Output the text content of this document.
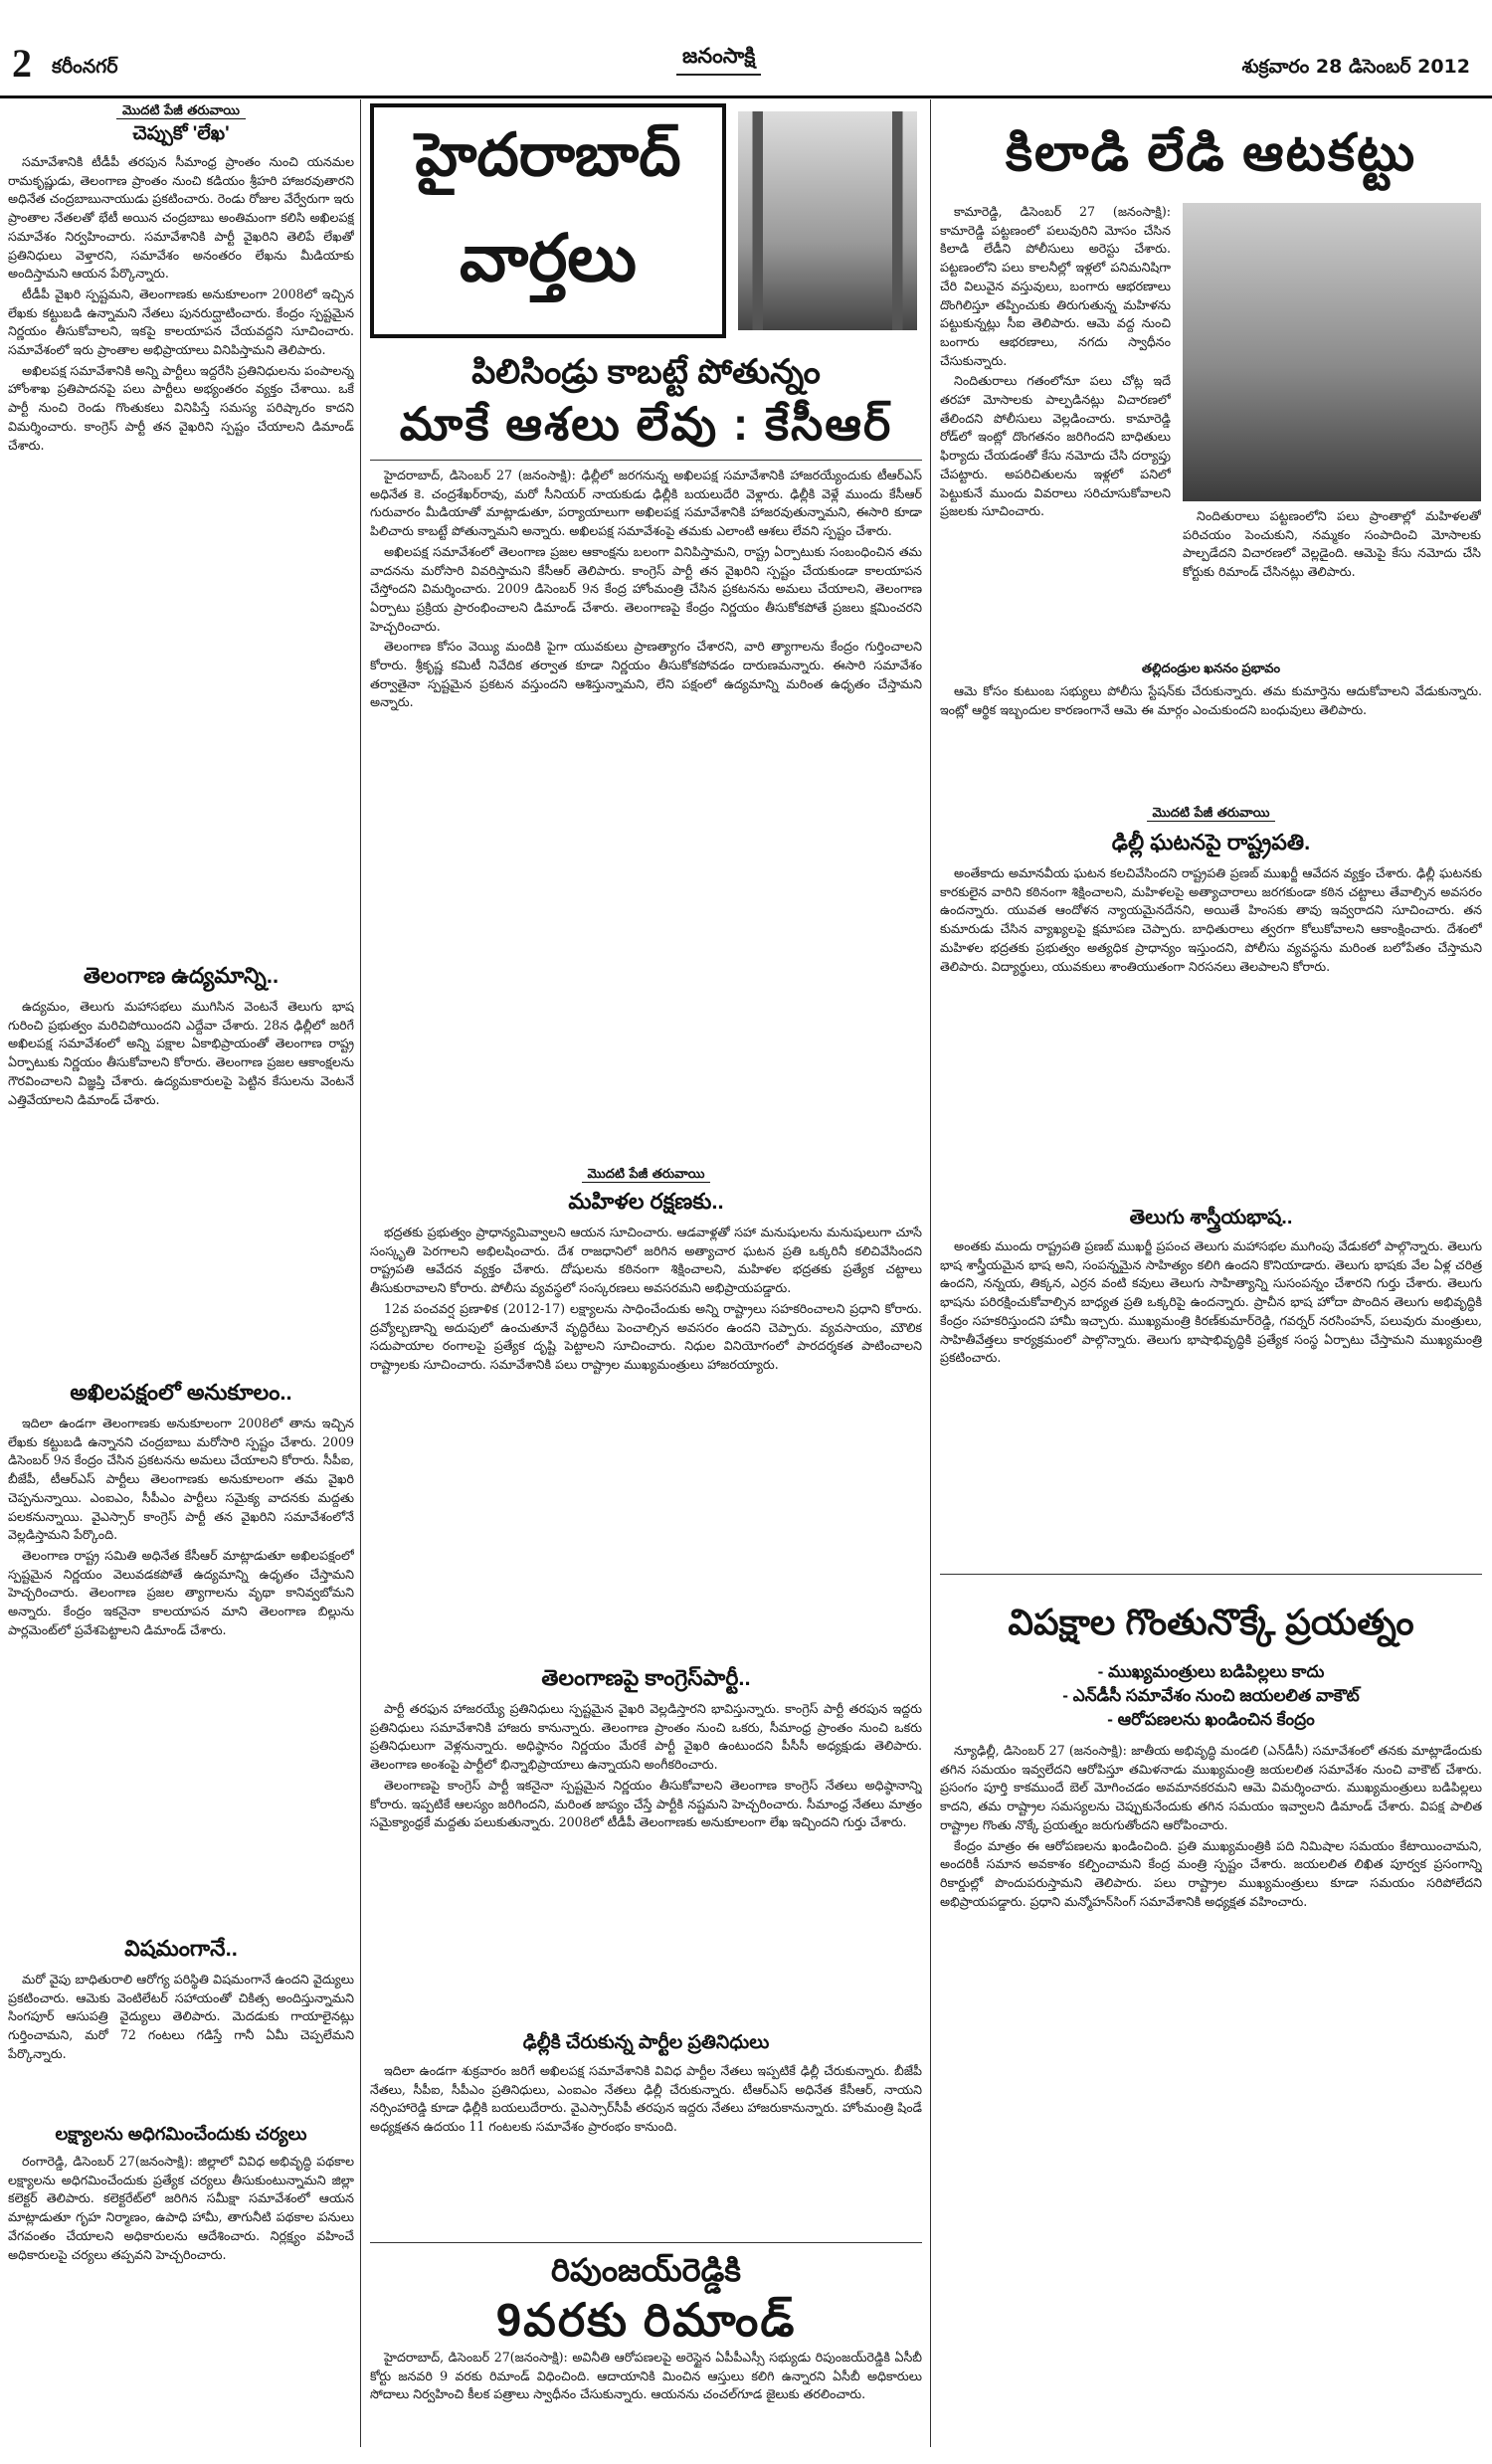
2 కరీంనగర్	జనంసాక్షి	శుక్రవారం 28 డిసెంబర్ 2012
మొదటి పేజీ తరువాయి
చెప్పుకో 'లేఖ'

సమావేశానికి టీడీపీ తరపున సీమాంధ్ర ప్రాంతం నుంచి యనమల రామకృష్ణుడు, తెలంగాణ ప్రాంతం నుంచి కడియం శ్రీహరి హాజరవుతారని అధినేత చంద్రబాబునాయుడు ప్రకటించారు. రెండు రోజుల వేర్వేరుగా ఇరు ప్రాంతాల నేతలతో భేటీ అయిన చంద్రబాబు అంతిమంగా కలిసి అఖిలపక్ష సమావేశం నిర్వహించారు. సమావేశానికి పార్టీ వైఖరిని తెలిపే లేఖతో ప్రతినిధులు వెళ్తారని, సమావేశం అనంతరం లేఖను మీడియాకు అందిస్తామని ఆయన పేర్కొన్నారు.

టీడీపీ వైఖరి స్పష్టమని, తెలంగాణకు అనుకూలంగా 2008లో ఇచ్చిన లేఖకు కట్టుబడి ఉన్నామని నేతలు పునరుద్ఘాటించారు. కేంద్రం స్పష్టమైన నిర్ణయం తీసుకోవాలని, ఇకపై కాలయాపన చేయవద్దని సూచించారు. సమావేశంలో ఇరు ప్రాంతాల అభిప్రాయాలు వినిపిస్తామని తెలిపారు.

అఖిలపక్ష సమావేశానికి అన్ని పార్టీలు ఇద్దరేసి ప్రతినిధులను పంపాలన్న హోంశాఖ ప్రతిపాదనపై పలు పార్టీలు అభ్యంతరం వ్యక్తం చేశాయి. ఒకే పార్టీ నుంచి రెండు గొంతుకలు వినిపిస్తే సమస్య పరిష్కారం కాదని విమర్శించారు. కాంగ్రెస్ పార్టీ తన వైఖరిని స్పష్టం చేయాలని డిమాండ్ చేశారు.

తెలంగాణ ఉద్యమాన్ని..

ఉద్యమం, తెలుగు మహాసభలు ముగిసిన వెంటనే తెలుగు భాష గురించి ప్రభుత్వం మరిచిపోయిందని ఎద్దేవా చేశారు. 28న ఢిల్లీలో జరిగే అఖిలపక్ష సమావేశంలో అన్ని పక్షాల ఏకాభిప్రాయంతో తెలంగాణ రాష్ట్ర ఏర్పాటుకు నిర్ణయం తీసుకోవాలని కోరారు. తెలంగాణ ప్రజల ఆకాంక్షలను గౌరవించాలని విజ్ఞప్తి చేశారు. ఉద్యమకారులపై పెట్టిన కేసులను వెంటనే ఎత్తివేయాలని డిమాండ్ చేశారు.

అఖిలపక్షంలో అనుకూలం..

ఇదిలా ఉండగా తెలంగాణకు అనుకూలంగా 2008లో తాను ఇచ్చిన లేఖకు కట్టుబడి ఉన్నానని చంద్రబాబు మరోసారి స్పష్టం చేశారు. 2009 డిసెంబర్ 9న కేంద్రం చేసిన ప్రకటనను అమలు చేయాలని కోరారు. సీపీఐ, బీజేపీ, టీఆర్ఎస్ పార్టీలు తెలంగాణకు అనుకూలంగా తమ వైఖరి చెప్పనున్నాయి. ఎంఐఎం, సీపీఎం పార్టీలు సమైక్య వాదనకు మద్దతు పలకనున్నాయి. వైఎస్సార్ కాంగ్రెస్ పార్టీ తన వైఖరిని సమావేశంలోనే వెల్లడిస్తామని పేర్కొంది.

తెలంగాణ రాష్ట్ర సమితి అధినేత కేసీఆర్ మాట్లాడుతూ అఖిలపక్షంలో స్పష్టమైన నిర్ణయం వెలువడకపోతే ఉద్యమాన్ని ఉధృతం చేస్తామని హెచ్చరించారు. తెలంగాణ ప్రజల త్యాగాలను వృథా కానివ్వబోమని అన్నారు. కేంద్రం ఇకనైనా కాలయాపన మాని తెలంగాణ బిల్లును పార్లమెంట్‌లో ప్రవేశపెట్టాలని డిమాండ్ చేశారు.

విషమంగానే..

మరో వైపు బాధితురాలి ఆరోగ్య పరిస్థితి విషమంగానే ఉందని వైద్యులు ప్రకటించారు. ఆమెకు వెంటిలేటర్ సహాయంతో చికిత్స అందిస్తున్నామని సింగపూర్ ఆసుపత్రి వైద్యులు తెలిపారు. మెదడుకు గాయాలైనట్లు గుర్తించామని, మరో 72 గంటలు గడిస్తే గానీ ఏమీ చెప్పలేమని పేర్కొన్నారు.

లక్ష్యాలను అధిగమించేందుకు చర్యలు

రంగారెడ్డి, డిసెంబర్ 27(జనంసాక్షి): జిల్లాలో వివిధ అభివృద్ధి పథకాల లక్ష్యాలను అధిగమించేందుకు ప్రత్యేక చర్యలు తీసుకుంటున్నామని జిల్లా కలెక్టర్ తెలిపారు. కలెక్టరేట్‌లో జరిగిన సమీక్షా సమావేశంలో ఆయన మాట్లాడుతూ గృహ నిర్మాణం, ఉపాధి హామీ, తాగునీటి పథకాల పనులు వేగవంతం చేయాలని అధికారులను ఆదేశించారు. నిర్లక్ష్యం వహించే అధికారులపై చర్యలు తప్పవని హెచ్చరించారు.

హైదరాబాద్
వార్తలు
పిలిసిండ్రు కాబట్టే పోతున్నం
మాకే ఆశలు లేవు : కేసీఆర్

హైదరాబాద్, డిసెంబర్ 27 (జనంసాక్షి): ఢిల్లీలో జరగనున్న అఖిలపక్ష సమావేశానికి హాజరయ్యేందుకు టీఆర్ఎస్ అధినేత కె. చంద్రశేఖర్‌రావు, మరో సీనియర్ నాయకుడు ఢిల్లీకి బయలుదేరి వెళ్లారు. ఢిల్లీకి వెళ్లే ముందు కేసీఆర్ గురువారం మీడియాతో మాట్లాడుతూ, పర్యాయాలుగా అఖిలపక్ష సమావేశానికి హాజరవుతున్నామని, ఈసారి కూడా పిలిచారు కాబట్టే పోతున్నామని అన్నారు. అఖిలపక్ష సమావేశంపై తమకు ఎలాంటి ఆశలు లేవని స్పష్టం చేశారు.

అఖిలపక్ష సమావేశంలో తెలంగాణ ప్రజల ఆకాంక్షను బలంగా వినిపిస్తామని, రాష్ట్ర ఏర్పాటుకు సంబంధించిన తమ వాదనను మరోసారి వివరిస్తామని కేసీఆర్ తెలిపారు. కాంగ్రెస్ పార్టీ తన వైఖరిని స్పష్టం చేయకుండా కాలయాపన చేస్తోందని విమర్శించారు. 2009 డిసెంబర్ 9న కేంద్ర హోంమంత్రి చేసిన ప్రకటనను అమలు చేయాలని, తెలంగాణ ఏర్పాటు ప్రక్రియ ప్రారంభించాలని డిమాండ్ చేశారు. తెలంగాణపై కేంద్రం నిర్ణయం తీసుకోకపోతే ప్రజలు క్షమించరని హెచ్చరించారు.

తెలంగాణ కోసం వెయ్యి మందికి పైగా యువకులు ప్రాణత్యాగం చేశారని, వారి త్యాగాలను కేంద్రం గుర్తించాలని కోరారు. శ్రీకృష్ణ కమిటీ నివేదిక తర్వాత కూడా నిర్ణయం తీసుకోకపోవడం దారుణమన్నారు. ఈసారి సమావేశం తర్వాతైనా స్పష్టమైన ప్రకటన వస్తుందని ఆశిస్తున్నామని, లేని పక్షంలో ఉద్యమాన్ని మరింత ఉధృతం చేస్తామని అన్నారు.

మొదటి పేజీ తరువాయి
మహిళల రక్షణకు..

భద్రతకు ప్రభుత్వం ప్రాధాన్యమివ్వాలని ఆయన సూచించారు. ఆడవాళ్లతో సహా మనుషులను మనుషులుగా చూసే సంస్కృతి పెరగాలని అభిలషించారు. దేశ రాజధానిలో జరిగిన అత్యాచార ఘటన ప్రతి ఒక్కరినీ కలిచివేసిందని రాష్ట్రపతి ఆవేదన వ్యక్తం చేశారు. దోషులను కఠినంగా శిక్షించాలని, మహిళల భద్రతకు ప్రత్యేక చట్టాలు తీసుకురావాలని కోరారు. పోలీసు వ్యవస్థలో సంస్కరణలు అవసరమని అభిప్రాయపడ్డారు.

12వ పంచవర్ష ప్రణాళిక (2012-17) లక్ష్యాలను సాధించేందుకు అన్ని రాష్ట్రాలు సహకరించాలని ప్రధాని కోరారు. ద్రవ్యోల్బణాన్ని అదుపులో ఉంచుతూనే వృద్ధిరేటు పెంచాల్సిన అవసరం ఉందని చెప్పారు. వ్యవసాయం, మౌలిక సదుపాయాల రంగాలపై ప్రత్యేక దృష్టి పెట్టాలని సూచించారు. నిధుల వినియోగంలో పారదర్శకత పాటించాలని రాష్ట్రాలకు సూచించారు. సమావేశానికి పలు రాష్ట్రాల ముఖ్యమంత్రులు హాజరయ్యారు.

తెలంగాణపై కాంగ్రెస్‌పార్టీ..

పార్టీ తరఫున హాజరయ్యే ప్రతినిధులు స్పష్టమైన వైఖరి వెల్లడిస్తారని భావిస్తున్నారు. కాంగ్రెస్ పార్టీ తరపున ఇద్దరు ప్రతినిధులు సమావేశానికి హాజరు కానున్నారు. తెలంగాణ ప్రాంతం నుంచి ఒకరు, సీమాంధ్ర ప్రాంతం నుంచి ఒకరు ప్రతినిధులుగా వెళ్లనున్నారు. అధిష్ఠానం నిర్ణయం మేరకే పార్టీ వైఖరి ఉంటుందని పీసీసీ అధ్యక్షుడు తెలిపారు. తెలంగాణ అంశంపై పార్టీలో భిన్నాభిప్రాయాలు ఉన్నాయని అంగీకరించారు.

తెలంగాణపై కాంగ్రెస్ పార్టీ ఇకనైనా స్పష్టమైన నిర్ణయం తీసుకోవాలని తెలంగాణ కాంగ్రెస్ నేతలు అధిష్ఠానాన్ని కోరారు. ఇప్పటికే ఆలస్యం జరిగిందని, మరింత జాప్యం చేస్తే పార్టీకి నష్టమని హెచ్చరించారు. సీమాంధ్ర నేతలు మాత్రం సమైక్యాంధ్రకే మద్దతు పలుకుతున్నారు. 2008లో టీడీపీ తెలంగాణకు అనుకూలంగా లేఖ ఇచ్చిందని గుర్తు చేశారు.

ఢిల్లీకి చేరుకున్న పార్టీల ప్రతినిధులు

ఇదిలా ఉండగా శుక్రవారం జరిగే అఖిలపక్ష సమావేశానికి వివిధ పార్టీల నేతలు ఇప్పటికే ఢిల్లీ చేరుకున్నారు. బీజేపీ నేతలు, సీపీఐ, సీపీఎం ప్రతినిధులు, ఎంఐఎం నేతలు ఢిల్లీ చేరుకున్నారు. టీఆర్ఎస్ అధినేత కేసీఆర్, నాయని నర్సింహారెడ్డి కూడా ఢిల్లీకి బయలుదేరారు. వైఎస్సార్‌సీపీ తరపున ఇద్దరు నేతలు హాజరుకానున్నారు. హోంమంత్రి షిండే అధ్యక్షతన ఉదయం 11 గంటలకు సమావేశం ప్రారంభం కానుంది.

రిపుంజయ్‌రెడ్డికి
9వరకు రిమాండ్

హైదరాబాద్, డిసెంబర్ 27(జనంసాక్షి): అవినీతి ఆరోపణలపై అరెస్టైన ఏపీపీఎస్సీ సభ్యుడు రిపుంజయ్‌రెడ్డికి ఏసీబీ కోర్టు జనవరి 9 వరకు రిమాండ్ విధించింది. ఆదాయానికి మించిన ఆస్తులు కలిగి ఉన్నారని ఏసీబీ అధికారులు సోదాలు నిర్వహించి కీలక పత్రాలు స్వాధీనం చేసుకున్నారు. ఆయనను చంచల్‌గూడ జైలుకు తరలించారు.

కిలాడి లేడి ఆటకట్టు

కామారెడ్డి, డిసెంబర్ 27 (జనంసాక్షి): కామారెడ్డి పట్టణంలో పలువురిని మోసం చేసిన కిలాడి లేడీని పోలీసులు అరెస్టు చేశారు. పట్టణంలోని పలు కాలనీల్లో ఇళ్లలో పనిమనిషిగా చేరి విలువైన వస్తువులు, బంగారు ఆభరణాలు దొంగిలిస్తూ తప్పించుకు తిరుగుతున్న మహిళను పట్టుకున్నట్లు సీఐ తెలిపారు. ఆమె వద్ద నుంచి బంగారు ఆభరణాలు, నగదు స్వాధీనం చేసుకున్నారు.

నిందితురాలు గతంలోనూ పలు చోట్ల ఇదే తరహా మోసాలకు పాల్పడినట్లు విచారణలో తేలిందని పోలీసులు వెల్లడించారు. కామారెడ్డి రోడ్‌లో ఇంట్లో దొంగతనం జరిగిందని బాధితులు ఫిర్యాదు చేయడంతో కేసు నమోదు చేసి దర్యాప్తు చేపట్టారు. అపరిచితులను ఇళ్లలో పనిలో పెట్టుకునే ముందు వివరాలు సరిచూసుకోవాలని ప్రజలకు సూచించారు.	నిందితురాలు పట్టణంలోని పలు ప్రాంతాల్లో మహిళలతో పరిచయం పెంచుకుని, నమ్మకం సంపాదించి మోసాలకు పాల్పడేదని విచారణలో వెల్లడైంది. ఆమెపై కేసు నమోదు చేసి కోర్టుకు రిమాండ్ చేసినట్లు తెలిపారు.

తల్లిదండ్రుల ఖననం ప్రభావం

ఆమె కోసం కుటుంబ సభ్యులు పోలీసు స్టేషన్‌కు చేరుకున్నారు. తమ కుమార్తెను ఆదుకోవాలని వేడుకున్నారు. ఇంట్లో ఆర్థిక ఇబ్బందుల కారణంగానే ఆమె ఈ మార్గం ఎంచుకుందని బంధువులు తెలిపారు.

మొదటి పేజీ తరువాయి
ఢిల్లీ ఘటనపై రాష్ట్రపతి.

అంతేకాదు అమానవీయ ఘటన కలచివేసిందని రాష్ట్రపతి ప్రణబ్ ముఖర్జీ ఆవేదన వ్యక్తం చేశారు. ఢిల్లీ ఘటనకు కారకులైన వారిని కఠినంగా శిక్షించాలని, మహిళలపై అత్యాచారాలు జరగకుండా కఠిన చట్టాలు తేవాల్సిన అవసరం ఉందన్నారు. యువత ఆందోళన న్యాయమైనదేనని, అయితే హింసకు తావు ఇవ్వరాదని సూచించారు. తన కుమారుడు చేసిన వ్యాఖ్యలపై క్షమాపణ చెప్పారు. బాధితురాలు త్వరగా కోలుకోవాలని ఆకాంక్షించారు. దేశంలో మహిళల భద్రతకు ప్రభుత్వం అత్యధిక ప్రాధాన్యం ఇస్తుందని, పోలీసు వ్యవస్థను మరింత బలోపేతం చేస్తామని తెలిపారు. విద్యార్థులు, యువకులు శాంతియుతంగా నిరసనలు తెలపాలని కోరారు.

తెలుగు శాస్త్రీయభాష..

అంతకు ముందు రాష్ట్రపతి ప్రణబ్ ముఖర్జీ ప్రపంచ తెలుగు మహాసభల ముగింపు వేడుకలో పాల్గొన్నారు. తెలుగు భాష శాస్త్రీయమైన భాష అని, సంపన్నమైన సాహిత్యం కలిగి ఉందని కొనియాడారు. తెలుగు భాషకు వేల ఏళ్ల చరిత్ర ఉందని, నన్నయ, తిక్కన, ఎర్రన వంటి కవులు తెలుగు సాహిత్యాన్ని సుసంపన్నం చేశారని గుర్తు చేశారు. తెలుగు భాషను పరిరక్షించుకోవాల్సిన బాధ్యత ప్రతి ఒక్కరిపై ఉందన్నారు. ప్రాచీన భాష హోదా పొందిన తెలుగు అభివృద్ధికి కేంద్రం సహకరిస్తుందని హామీ ఇచ్చారు. ముఖ్యమంత్రి కిరణ్‌కుమార్‌రెడ్డి, గవర్నర్ నరసింహన్, పలువురు మంత్రులు, సాహితీవేత్తలు కార్యక్రమంలో పాల్గొన్నారు. తెలుగు భాషాభివృద్ధికి ప్రత్యేక సంస్థ ఏర్పాటు చేస్తామని ముఖ్యమంత్రి ప్రకటించారు.

విపక్షాల గొంతునొక్కే ప్రయత్నం
- ముఖ్యమంత్రులు బడిపిల్లలు కాదు
- ఎన్‌డీసీ సమావేశం నుంచి జయలలిత వాకౌట్
- ఆరోపణలను ఖండించిన కేంద్రం

న్యూఢిల్లీ, డిసెంబర్ 27 (జనంసాక్షి): జాతీయ అభివృద్ధి మండలి (ఎన్‌డీసీ) సమావేశంలో తనకు మాట్లాడేందుకు తగిన సమయం ఇవ్వలేదని ఆరోపిస్తూ తమిళనాడు ముఖ్యమంత్రి జయలలిత సమావేశం నుంచి వాకౌట్ చేశారు. ప్రసంగం పూర్తి కాకముందే బెల్ మోగించడం అవమానకరమని ఆమె విమర్శించారు. ముఖ్యమంత్రులు బడిపిల్లలు కాదని, తమ రాష్ట్రాల సమస్యలను చెప్పుకునేందుకు తగిన సమయం ఇవ్వాలని డిమాండ్ చేశారు. విపక్ష పాలిత రాష్ట్రాల గొంతు నొక్కే ప్రయత్నం జరుగుతోందని ఆరోపించారు.

కేంద్రం మాత్రం ఈ ఆరోపణలను ఖండించింది. ప్రతి ముఖ్యమంత్రికి పది నిమిషాల సమయం కేటాయించామని, అందరికీ సమాన అవకాశం కల్పించామని కేంద్ర మంత్రి స్పష్టం చేశారు. జయలలిత లిఖిత పూర్వక ప్రసంగాన్ని రికార్డుల్లో పొందుపరుస్తామని తెలిపారు. పలు రాష్ట్రాల ముఖ్యమంత్రులు కూడా సమయం సరిపోలేదని అభిప్రాయపడ్డారు. ప్రధాని మన్మోహన్‌సింగ్ సమావేశానికి అధ్యక్షత వహించారు.
